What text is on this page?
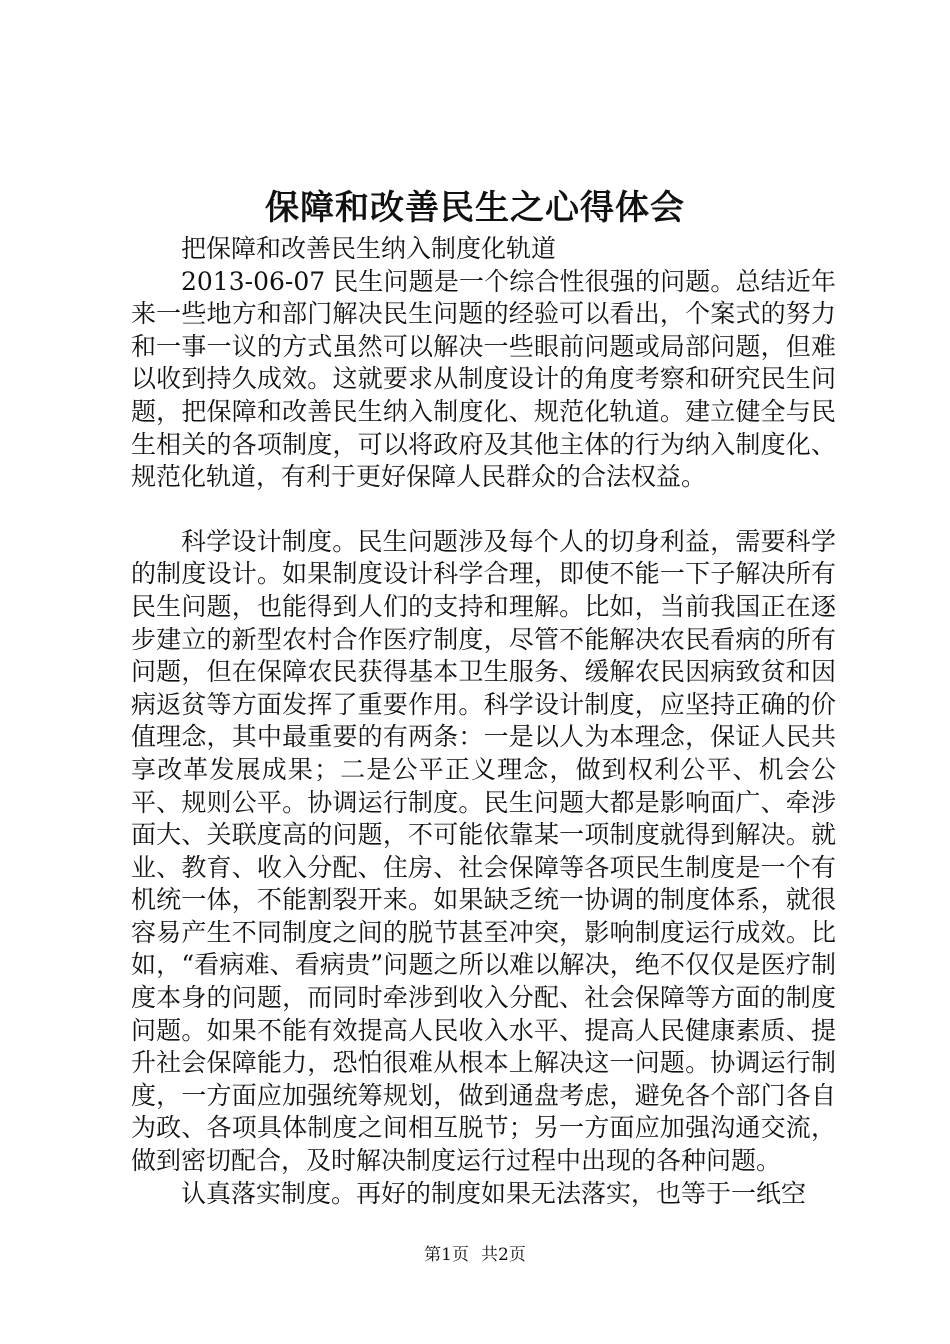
保障和改善民生之心得体会

把保障和改善民生纳入制度化轨道

2013-06-07 民生问题是一个综合性很强的问题。总结近年来一些地方和部门解决民生问题的经验可以看出，个案式的努力和一事一议的方式虽然可以解决一些眼前问题或局部问题，但难以收到持久成效。这就要求从制度设计的角度考察和研究民生问题，把保障和改善民生纳入制度化、规范化轨道。建立健全与民生相关的各项制度，可以将政府及其他主体的行为纳入制度化、规范化轨道，有利于更好保障人民群众的合法权益。

科学设计制度。民生问题涉及每个人的切身利益，需要科学的制度设计。如果制度设计科学合理，即使不能一下子解决所有民生问题，也能得到人们的支持和理解。比如，当前我国正在逐步建立的新型农村合作医疗制度，尽管不能解决农民看病的所有问题，但在保障农民获得基本卫生服务、缓解农民因病致贫和因病返贫等方面发挥了重要作用。科学设计制度，应坚持正确的价值理念，其中最重要的有两条：一是以人为本理念，保证人民共享改革发展成果；二是公平正义理念，做到权利公平、机会公平、规则公平。协调运行制度。民生问题大都是影响面广、牵涉面大、关联度高的问题，不可能依靠某一项制度就得到解决。就业、教育、收入分配、住房、社会保障等各项民生制度是一个有机统一体，不能割裂开来。如果缺乏统一协调的制度体系，就很容易产生不同制度之间的脱节甚至冲突，影响制度运行成效。比如，“看病难、看病贵”问题之所以难以解决，绝不仅仅是医疗制度本身的问题，而同时牵涉到收入分配、社会保障等方面的制度问题。如果不能有效提高人民收入水平、提高人民健康素质、提升社会保障能力，恐怕很难从根本上解决这一问题。协调运行制度，一方面应加强统筹规划，做到通盘考虑，避免各个部门各自为政、各项具体制度之间相互脱节；另一方面应加强沟通交流，做到密切配合，及时解决制度运行过程中出现的各种问题。

认真落实制度。再好的制度如果无法落实，也等于一纸空

第1页 共2页
